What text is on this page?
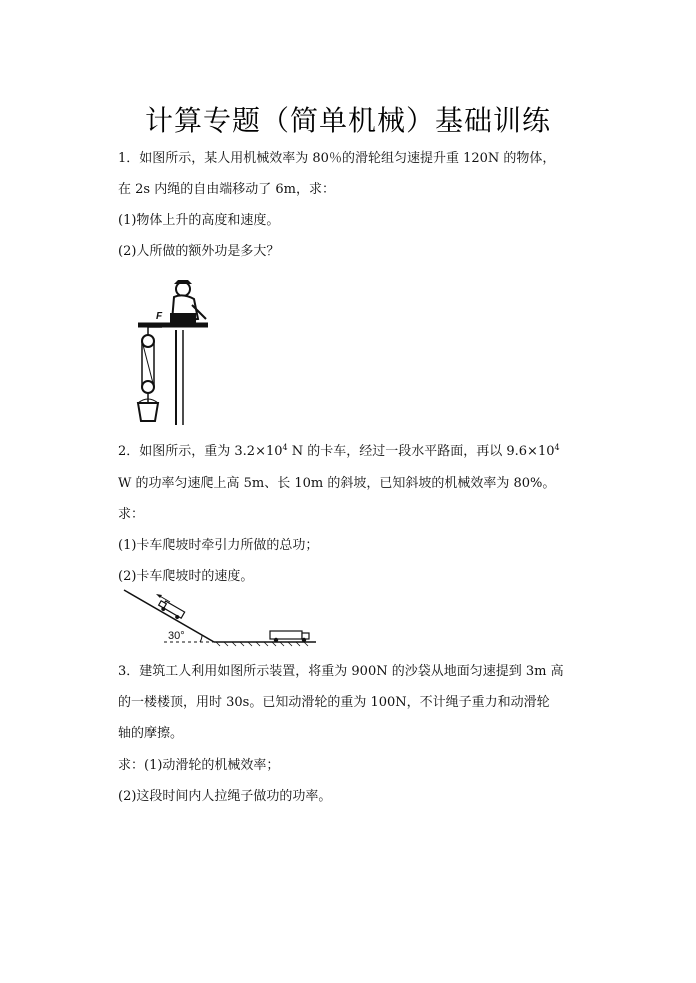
计算专题（简单机械）基础训练
1．如图所示，某人用机械效率为 80％的滑轮组匀速提升重 120N 的物体，
在 2s 内绳的自由端移动了 6m，求：
(1)物体上升的高度和速度。
(2)人所做的额外功是多大？
F
2．如图所示，重为 $3.2\times 10^4$ N 的卡车，经过一段水平路面，再以 $9.6\times 10^4$
W 的功率匀速爬上高 5m、长 10m 的斜坡，已知斜坡的机械效率为 80%。
求：
(1)卡车爬坡时牵引力所做的总功；
(2)卡车爬坡时的速度。
30°
3．建筑工人利用如图所示装置，将重为 900N 的沙袋从地面匀速提到 3m 高
的一楼楼顶，用时 30s。已知动滑轮的重为 100N，不计绳子重力和动滑轮
轴的摩擦。
求：(1)动滑轮的机械效率；
(2)这段时间内人拉绳子做功的功率。
